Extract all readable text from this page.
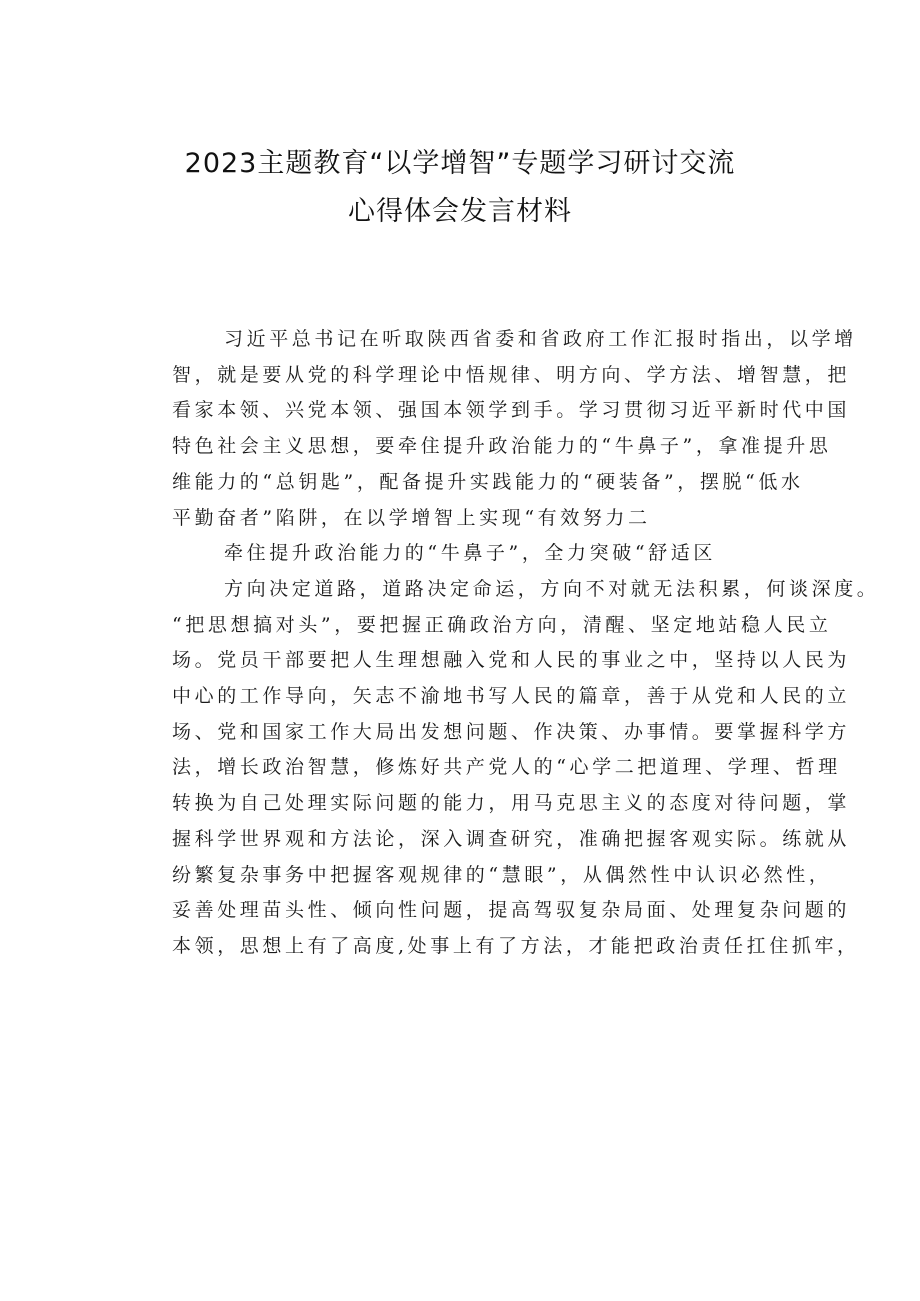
2023主题教育“以学增智”专题学习研讨交流
心得体会发言材料
习近平总书记在听取陕西省委和省政府工作汇报时指出，以学增
智，就是要从党的科学理论中悟规律、明方向、学方法、增智慧，把
看家本领、兴党本领、强国本领学到手。学习贯彻习近平新时代中国
特色社会主义思想，要牵住提升政治能力的“牛鼻子”，拿准提升思
维能力的“总钥匙”，配备提升实践能力的“硬装备”，摆脱“低水
平勤奋者”陷阱，在以学增智上实现“有效努力二
牵住提升政治能力的“牛鼻子”，全力突破“舒适区
方向决定道路，道路决定命运，方向不对就无法积累，何谈深度。
“把思想搞对头”，要把握正确政治方向，清醒、坚定地站稳人民立
场。党员干部要把人生理想融入党和人民的事业之中，坚持以人民为
中心的工作导向，矢志不渝地书写人民的篇章，善于从党和人民的立
场、党和国家工作大局出发想问题、作决策、办事情。要掌握科学方
法，增长政治智慧，修炼好共产党人的“心学二把道理、学理、哲理
转换为自己处理实际问题的能力，用马克思主义的态度对待问题，掌
握科学世界观和方法论，深入调查研究，准确把握客观实际。练就从
纷繁复杂事务中把握客观规律的“慧眼”，从偶然性中认识必然性，
妥善处理苗头性、倾向性问题，提高驾驭复杂局面、处理复杂问题的
本领，思想上有了高度,处事上有了方法，才能把政治责任扛住抓牢，
